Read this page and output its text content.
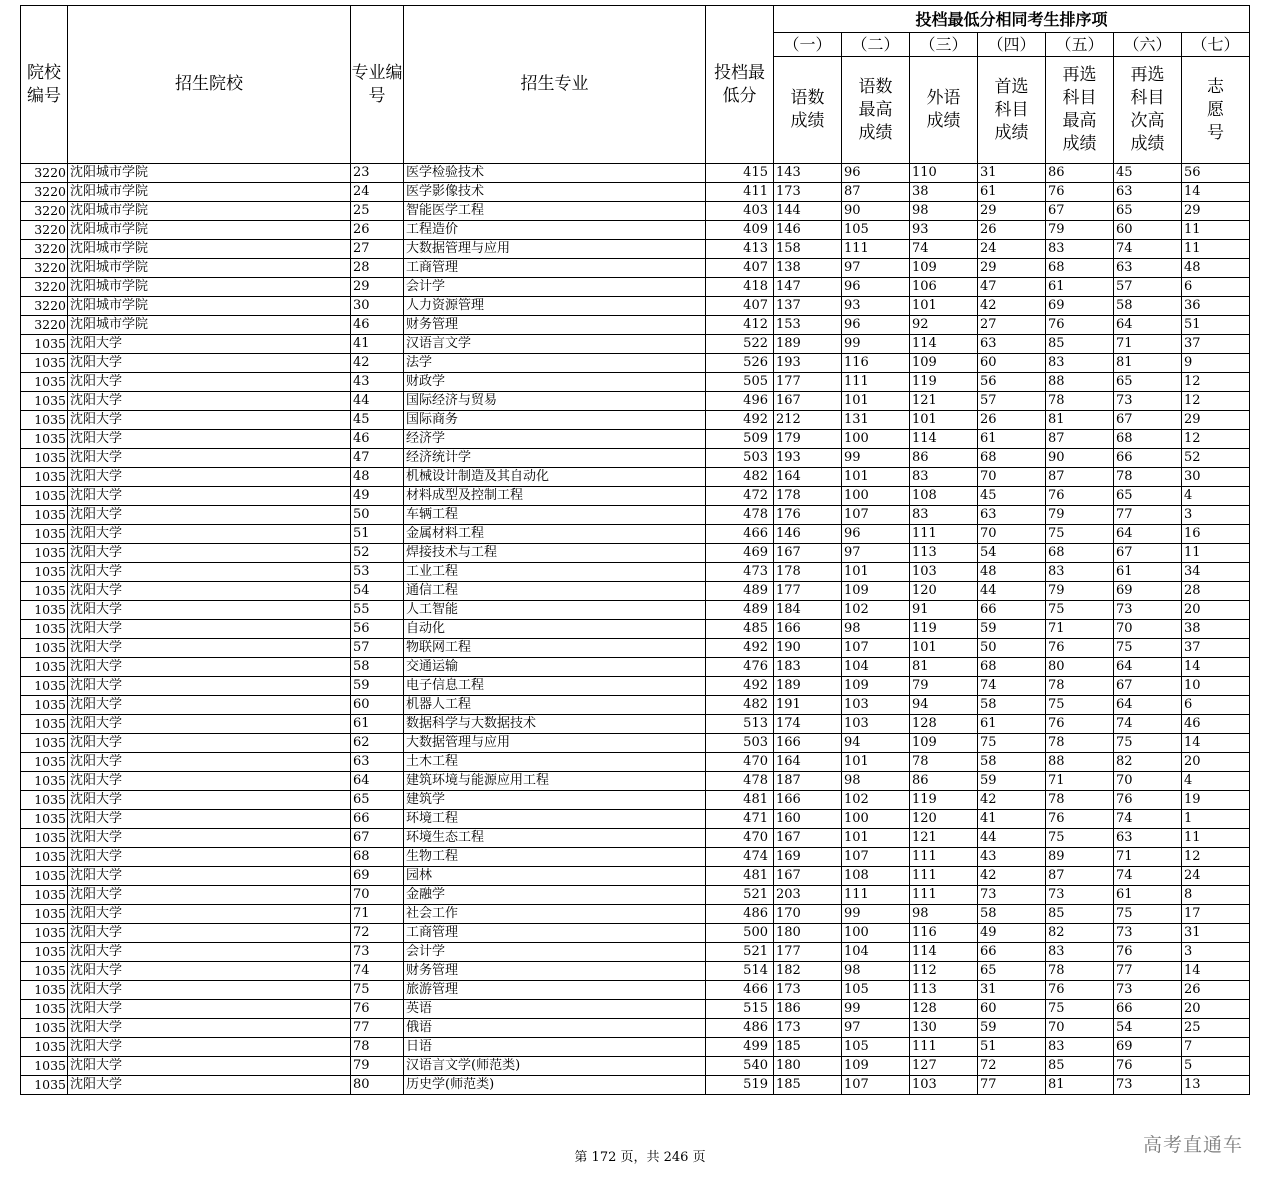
院校编号	招生院校	专业编号	招生专业	投档最低分	投档最低分相同考生排序项						
					（一）	（二）	（三）	（四）	（五）	（六）	（七）

					语数成绩	语数最高成绩	外语成绩	首选科目成绩	再选科目最高成绩	再选科目次高成绩	志愿号

3220	沈阳城市学院	23	医学检验技术	415	143	96	110	31	86	45	56
3220	沈阳城市学院	24	医学影像技术	411	173	87	38	61	76	63	14
3220	沈阳城市学院	25	智能医学工程	403	144	90	98	29	67	65	29
3220	沈阳城市学院	26	工程造价	409	146	105	93	26	79	60	11
3220	沈阳城市学院	27	大数据管理与应用	413	158	111	74	24	83	74	11
3220	沈阳城市学院	28	工商管理	407	138	97	109	29	68	63	48
3220	沈阳城市学院	29	会计学	418	147	96	106	47	61	57	6
3220	沈阳城市学院	30	人力资源管理	407	137	93	101	42	69	58	36
3220	沈阳城市学院	46	财务管理	412	153	96	92	27	76	64	51
1035	沈阳大学	41	汉语言文学	522	189	99	114	63	85	71	37
1035	沈阳大学	42	法学	526	193	116	109	60	83	81	9
1035	沈阳大学	43	财政学	505	177	111	119	56	88	65	12
1035	沈阳大学	44	国际经济与贸易	496	167	101	121	57	78	73	12
1035	沈阳大学	45	国际商务	492	212	131	101	26	81	67	29
1035	沈阳大学	46	经济学	509	179	100	114	61	87	68	12
1035	沈阳大学	47	经济统计学	503	193	99	86	68	90	66	52
1035	沈阳大学	48	机械设计制造及其自动化	482	164	101	83	70	87	78	30
1035	沈阳大学	49	材料成型及控制工程	472	178	100	108	45	76	65	4
1035	沈阳大学	50	车辆工程	478	176	107	83	63	79	77	3
1035	沈阳大学	51	金属材料工程	466	146	96	111	70	75	64	16
1035	沈阳大学	52	焊接技术与工程	469	167	97	113	54	68	67	11
1035	沈阳大学	53	工业工程	473	178	101	103	48	83	61	34
1035	沈阳大学	54	通信工程	489	177	109	120	44	79	69	28
1035	沈阳大学	55	人工智能	489	184	102	91	66	75	73	20
1035	沈阳大学	56	自动化	485	166	98	119	59	71	70	38
1035	沈阳大学	57	物联网工程	492	190	107	101	50	76	75	37
1035	沈阳大学	58	交通运输	476	183	104	81	68	80	64	14
1035	沈阳大学	59	电子信息工程	492	189	109	79	74	78	67	10
1035	沈阳大学	60	机器人工程	482	191	103	94	58	75	64	6
1035	沈阳大学	61	数据科学与大数据技术	513	174	103	128	61	76	74	46
1035	沈阳大学	62	大数据管理与应用	503	166	94	109	75	78	75	14
1035	沈阳大学	63	土木工程	470	164	101	78	58	88	82	20
1035	沈阳大学	64	建筑环境与能源应用工程	478	187	98	86	59	71	70	4
1035	沈阳大学	65	建筑学	481	166	102	119	42	78	76	19
1035	沈阳大学	66	环境工程	471	160	100	120	41	76	74	1
1035	沈阳大学	67	环境生态工程	470	167	101	121	44	75	63	11
1035	沈阳大学	68	生物工程	474	169	107	111	43	89	71	12
1035	沈阳大学	69	园林	481	167	108	111	42	87	74	24
1035	沈阳大学	70	金融学	521	203	111	111	73	73	61	8
1035	沈阳大学	71	社会工作	486	170	99	98	58	85	75	17
1035	沈阳大学	72	工商管理	500	180	100	116	49	82	73	31
1035	沈阳大学	73	会计学	521	177	104	114	66	83	76	3
1035	沈阳大学	74	财务管理	514	182	98	112	65	78	77	14
1035	沈阳大学	75	旅游管理	466	173	105	113	31	76	73	26
1035	沈阳大学	76	英语	515	186	99	128	60	75	66	20
1035	沈阳大学	77	俄语	486	173	97	130	59	70	54	25
1035	沈阳大学	78	日语	499	185	105	111	51	83	69	7
1035	沈阳大学	79	汉语言文学(师范类)	540	180	109	127	72	85	76	5
1035	沈阳大学	80	历史学(师范类)	519	185	107	103	77	81	73	13
第 172 页，共 246 页
高考直通车
